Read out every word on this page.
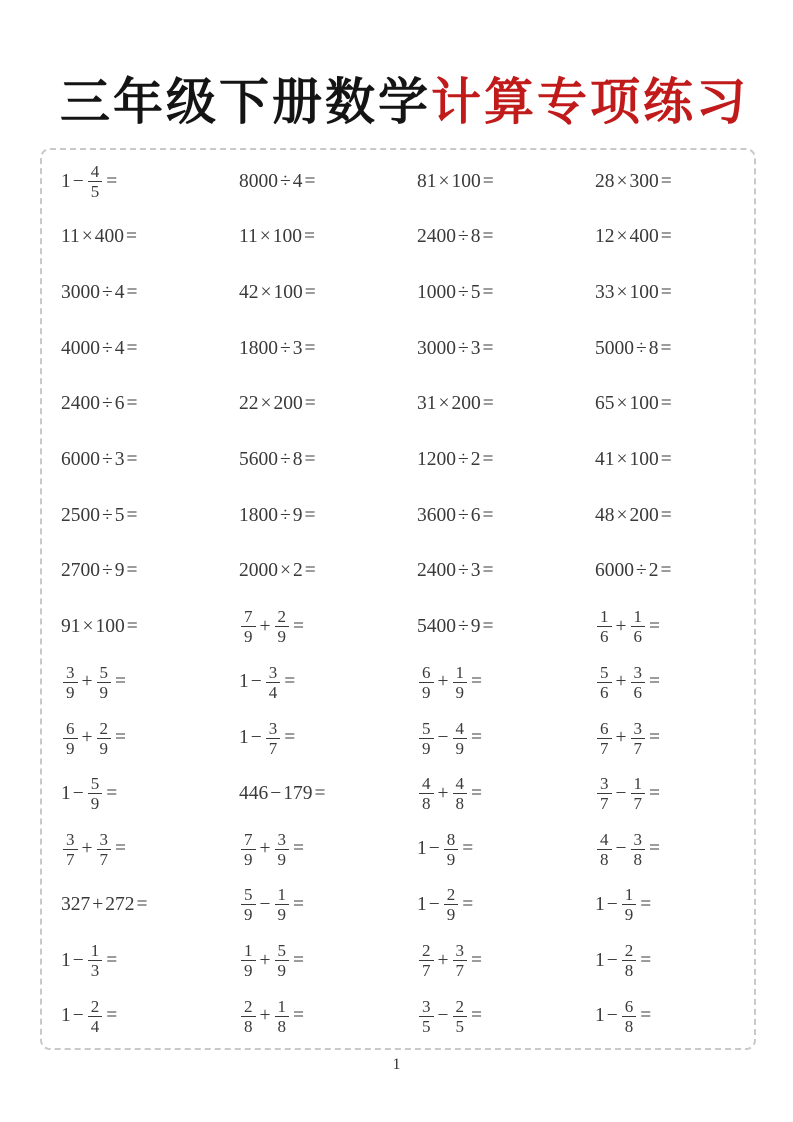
三年级下册数学计算专项练习
$1 - \frac{4}{5}$ =	8000 ÷ 4 =	81 × 100 =	28 × 300 =
11 × 400 =	11 × 100 =	2400 ÷ 8 =	12 × 400 =
3000 ÷ 4 =	42 × 100 =	1000 ÷ 5 =	33 × 100 =
4000 ÷ 4 =	1800 ÷ 3 =	3000 ÷ 3 =	5000 ÷ 8 =
2400 ÷ 6 =	22 × 200 =	31 × 200 =	65 × 100 =
6000 ÷ 3 =	5600 ÷ 8 =	1200 ÷ 2 =	41 × 100 =
2500 ÷ 5 =	1800 ÷ 9 =	3600 ÷ 6 =	48 × 200 =
2700 ÷ 9 =	2000 × 2 =	2400 ÷ 3 =	6000 ÷ 2 =
91 × 100 =	$\frac{7}{9} + \frac{2}{9}$ =	5400 ÷ 9 =	$\frac{1}{6} + \frac{1}{6}$ =
$\frac{3}{9} + \frac{5}{9}$ =	$1 - \frac{3}{4}$ =	$\frac{6}{9} + \frac{1}{9}$ =	$\frac{5}{6} + \frac{3}{6}$ =
$\frac{6}{9} + \frac{2}{9}$ =	$1 - \frac{3}{7}$ =	$\frac{5}{9} - \frac{4}{9}$ =	$\frac{6}{7} + \frac{3}{7}$ =
$1 - \frac{5}{9}$ =	446 − 179 =	$\frac{4}{8} + \frac{4}{8}$ =	$\frac{3}{7} - \frac{1}{7}$ =
$\frac{3}{7} + \frac{3}{7}$ =	$\frac{7}{9} + \frac{3}{9}$ =	$1 - \frac{8}{9}$ =	$\frac{4}{8} - \frac{3}{8}$ =
327 + 272 =	$\frac{5}{9} - \frac{1}{9}$ =	$1 - \frac{2}{9}$ =	$1 - \frac{1}{9}$ =
$1 - \frac{1}{3}$ =	$\frac{1}{9} + \frac{5}{9}$ =	$\frac{2}{7} + \frac{3}{7}$ =	$1 - \frac{2}{8}$ =
$1 - \frac{2}{4}$ =	$\frac{2}{8} + \frac{1}{8}$ =	$\frac{3}{5} - \frac{2}{5}$ =	$1 - \frac{6}{8}$ =
1
